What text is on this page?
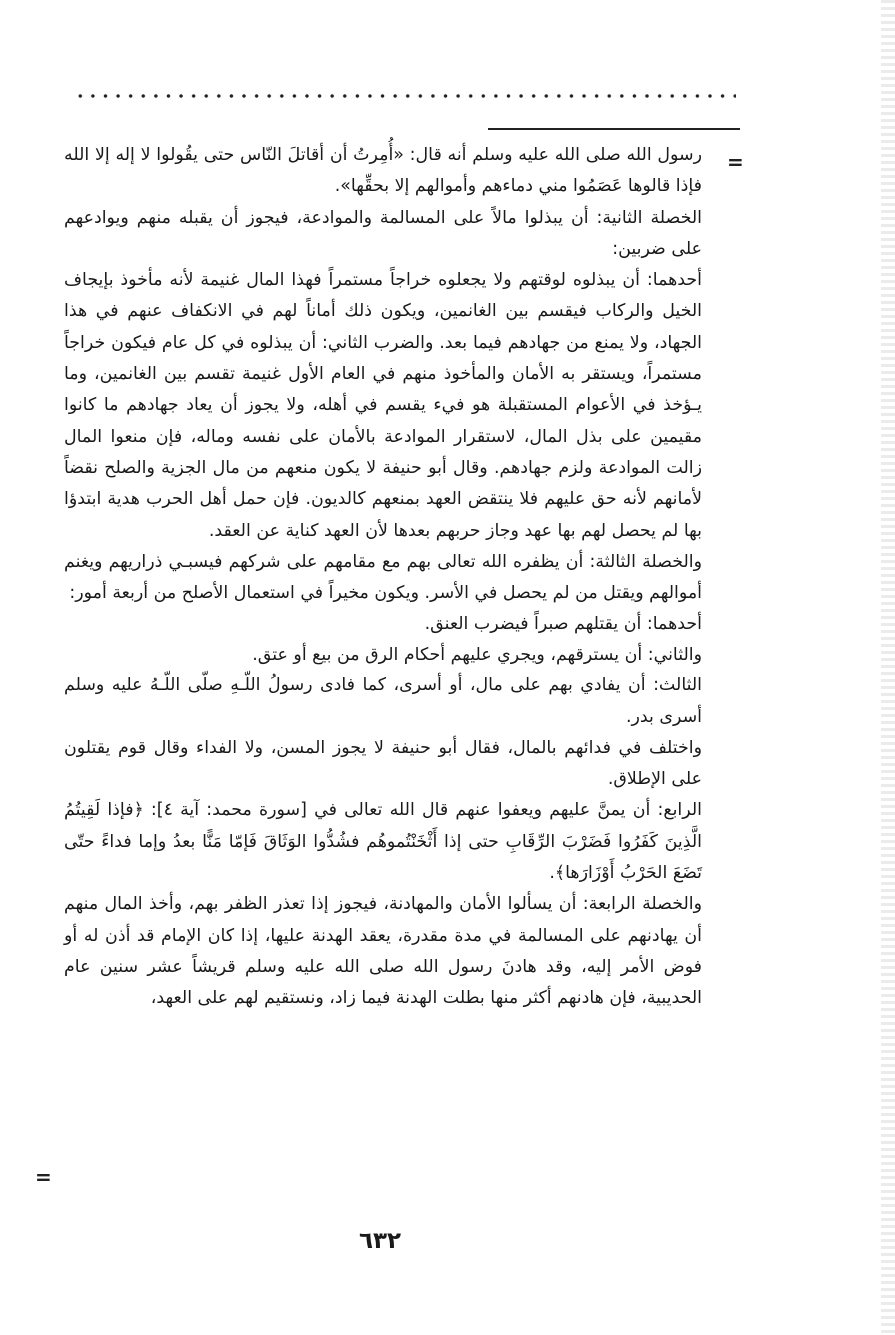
=

رسول الله صلى الله عليه وسلم أنه قال: «أُمِرتُ أن أقاتلَ النّاس حتى يقُولوا لا إله إلا الله فإذا قالوها عَصَمُوا مني دماءهم وأموالهم إلا بحقِّها».

الخصلة الثانية: أن يبذلوا مالاً على المسالمة والموادعة، فيجوز أن يقبله منهم ويوادعهم على ضربين:

أحدهما: أن يبذلوه لوقتهم ولا يجعلوه خراجاً مستمراً فهذا المال غنيمة لأنه مأخوذ بإيجاف الخيل والركاب فيقسم بين الغانمين، ويكون ذلك أماناً لهم في الانكفاف عنهم في هذا الجهاد، ولا يمنع من جهادهم فيما بعد. والضرب الثاني: أن يبذلوه في كل عام فيكون خراجاً مستمراً، ويستقر به الأمان والمأخوذ منهم في العام الأول غنيمة تقسم بين الغانمين، وما يـؤخذ في الأعوام المستقبلة هو فيء يقسم في أهله، ولا يجوز أن يعاد جهادهم ما كانوا مقيمين على بذل المال، لاستقرار الموادعة بالأمان على نفسه وماله، فإن منعوا المال زالت الموادعة ولزم جهادهم. وقال أبو حنيفة لا يكون منعهم من مال الجزية والصلح نقضاً لأمانهم لأنه حق عليهم فلا ينتقض العهد بمنعهم كالديون. فإن حمل أهل الحرب هدية ابتدؤا بها لم يحصل لهم بها عهد وجاز حربهم بعدها لأن العهد كناية عن العقد.

والخصلة الثالثة: أن يظفره الله تعالى بهم مع مقامهم على شركهم فيسبـي ذراريهم ويغنم أموالهم ويقتل من لم يحصل في الأسر. ويكون مخيراً في استعمال الأصلح من أربعة أمور:

أحدهما: أن يقتلهم صبراً فيضرب العنق.

والثاني: أن يسترقهم، ويجري عليهم أحكام الرق من بيع أو عتق.

الثالث: أن يفادي بهم على مال، أو أسرى، كما فادى رسولُ اللّـهِ صلّى اللّـهُ عليه وسلم أسرى بدر.

واختلف في فدائهم بالمال، فقال أبو حنيفة لا يجوز المسن، ولا الفداء وقال قوم يقتلون على الإطلاق.

الرابع: أن يمنَّ عليهم ويعفوا عنهم قال الله تعالى في [سورة محمد: آية ٤]: ﴿فإذا لَقِيتُمُ الَّذِينَ كَفَرُوا فَضَرْبَ الرِّقَابِ حتى إذا أَثْخَنْتُموهُم فشُدُّوا الوَثَاقَ فَإمّا مَنًّا بعدُ وإما فداءً حتّى تَضَعَ الحَرْبُ أَوْزَارَها﴾.

والخصلة الرابعة: أن يسألوا الأمان والمهادنة، فيجوز إذا تعذر الظفر بهم، وأخذ المال منهم أن يهادنهم على المسالمة في مدة مقدرة، يعقد الهدنة عليها، إذا كان الإمام قد أذن له أو فوض الأمر إليه، وقد هادنَ رسول الله صلى الله عليه وسلم قريشاً عشر سنين عام الحديبية، فإن هادنهم أكثر منها بطلت الهدنة فيما زاد، ونستقيم لهم على العهد،

=
٦٣٢
